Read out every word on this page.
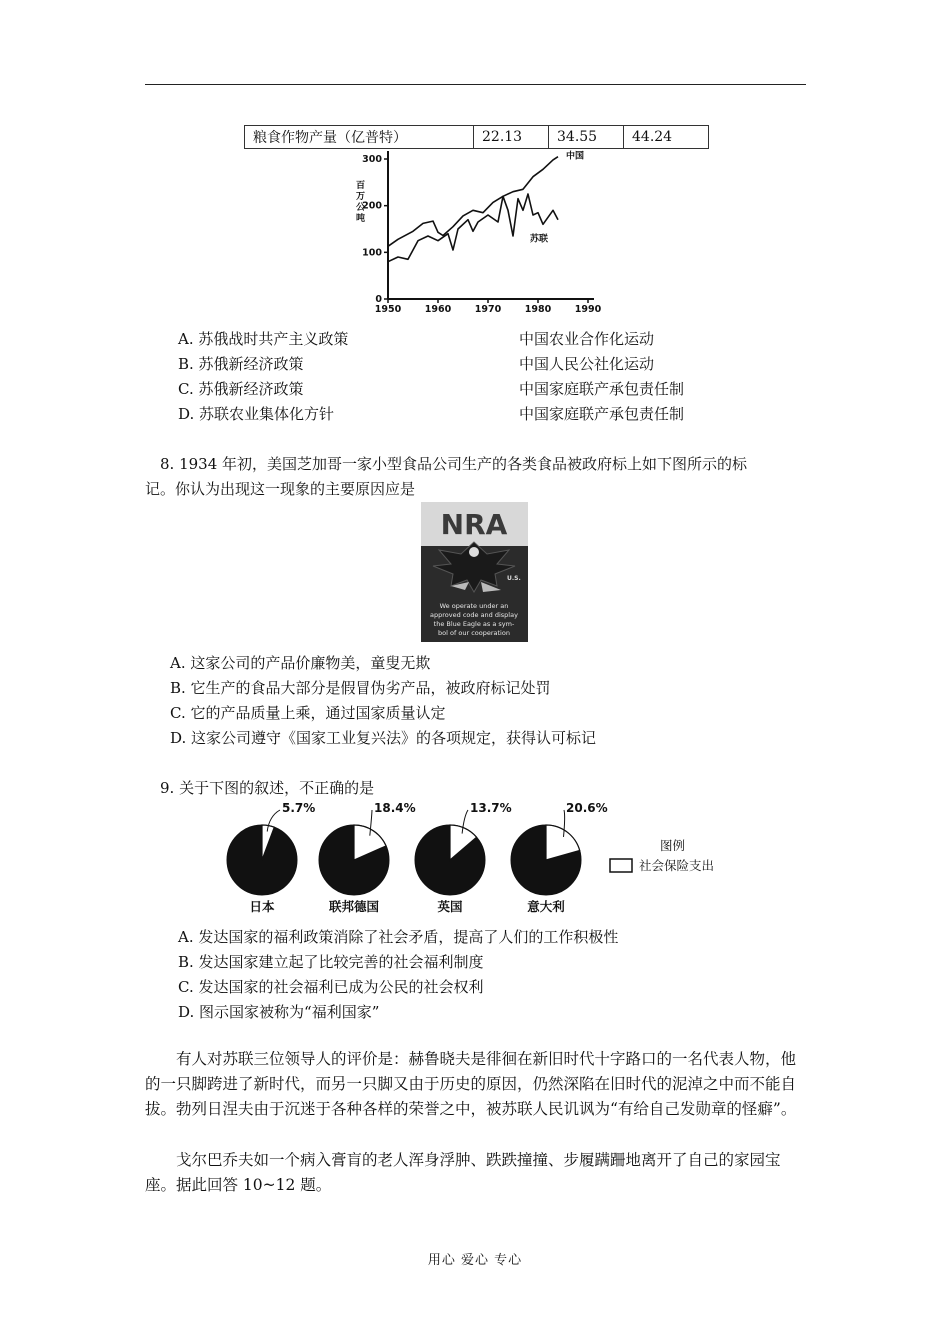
粮食作物产量（亿普特）	22.13	34.55	44.24
1950 1960 1970 1980 1990
0
100
200
300
百万公吨
中国
苏联
A. 苏俄战时共产主义政策	中国农业合作化运动
B. 苏俄新经济政策	中国人民公社化运动
C. 苏俄新经济政策	中国家庭联产承包责任制
D. 苏联农业集体化方针	中国家庭联产承包责任制
8. 1934 年初，美国芝加哥一家小型食品公司生产的各类食品被政府标上如下图所示的标
记。你认为出现这一现象的主要原因应是
NRA
U.S.
We operate under an
approved code and display
the Blue Eagle as a sym-
bol of our cooperation
A. 这家公司的产品价廉物美，童叟无欺
B. 它生产的食品大部分是假冒伪劣产品，被政府标记处罚
C. 它的产品质量上乘，通过国家质量认定
D. 这家公司遵守《国家工业复兴法》的各项规定，获得认可标记
9. 关于下图的叙述，不正确的是
5.7%
日本
18.4%
联邦德国
13.7%
英国
20.6%
意大利
图例
社会保险支出
A. 发达国家的福利政策消除了社会矛盾，提高了人们的工作积极性
B. 发达国家建立起了比较完善的社会福利制度
C. 发达国家的社会福利已成为公民的社会权利
D. 图示国家被称为“福利国家”
有人对苏联三位领导人的评价是：赫鲁晓夫是徘徊在新旧时代十字路口的一名代表人物，他的一只脚跨进了新时代，而另一只脚又由于历史的原因，仍然深陷在旧时代的泥淖之中而不能自拔。勃列日涅夫由于沉迷于各种各样的荣誉之中，被苏联人民讥讽为“有给自己发勋章的怪癖”。
戈尔巴乔夫如一个病入膏肓的老人浑身浮肿、跌跌撞撞、步履蹒跚地离开了自己的家园宝座。据此回答 10~12 题。
用心 爱心 专心
